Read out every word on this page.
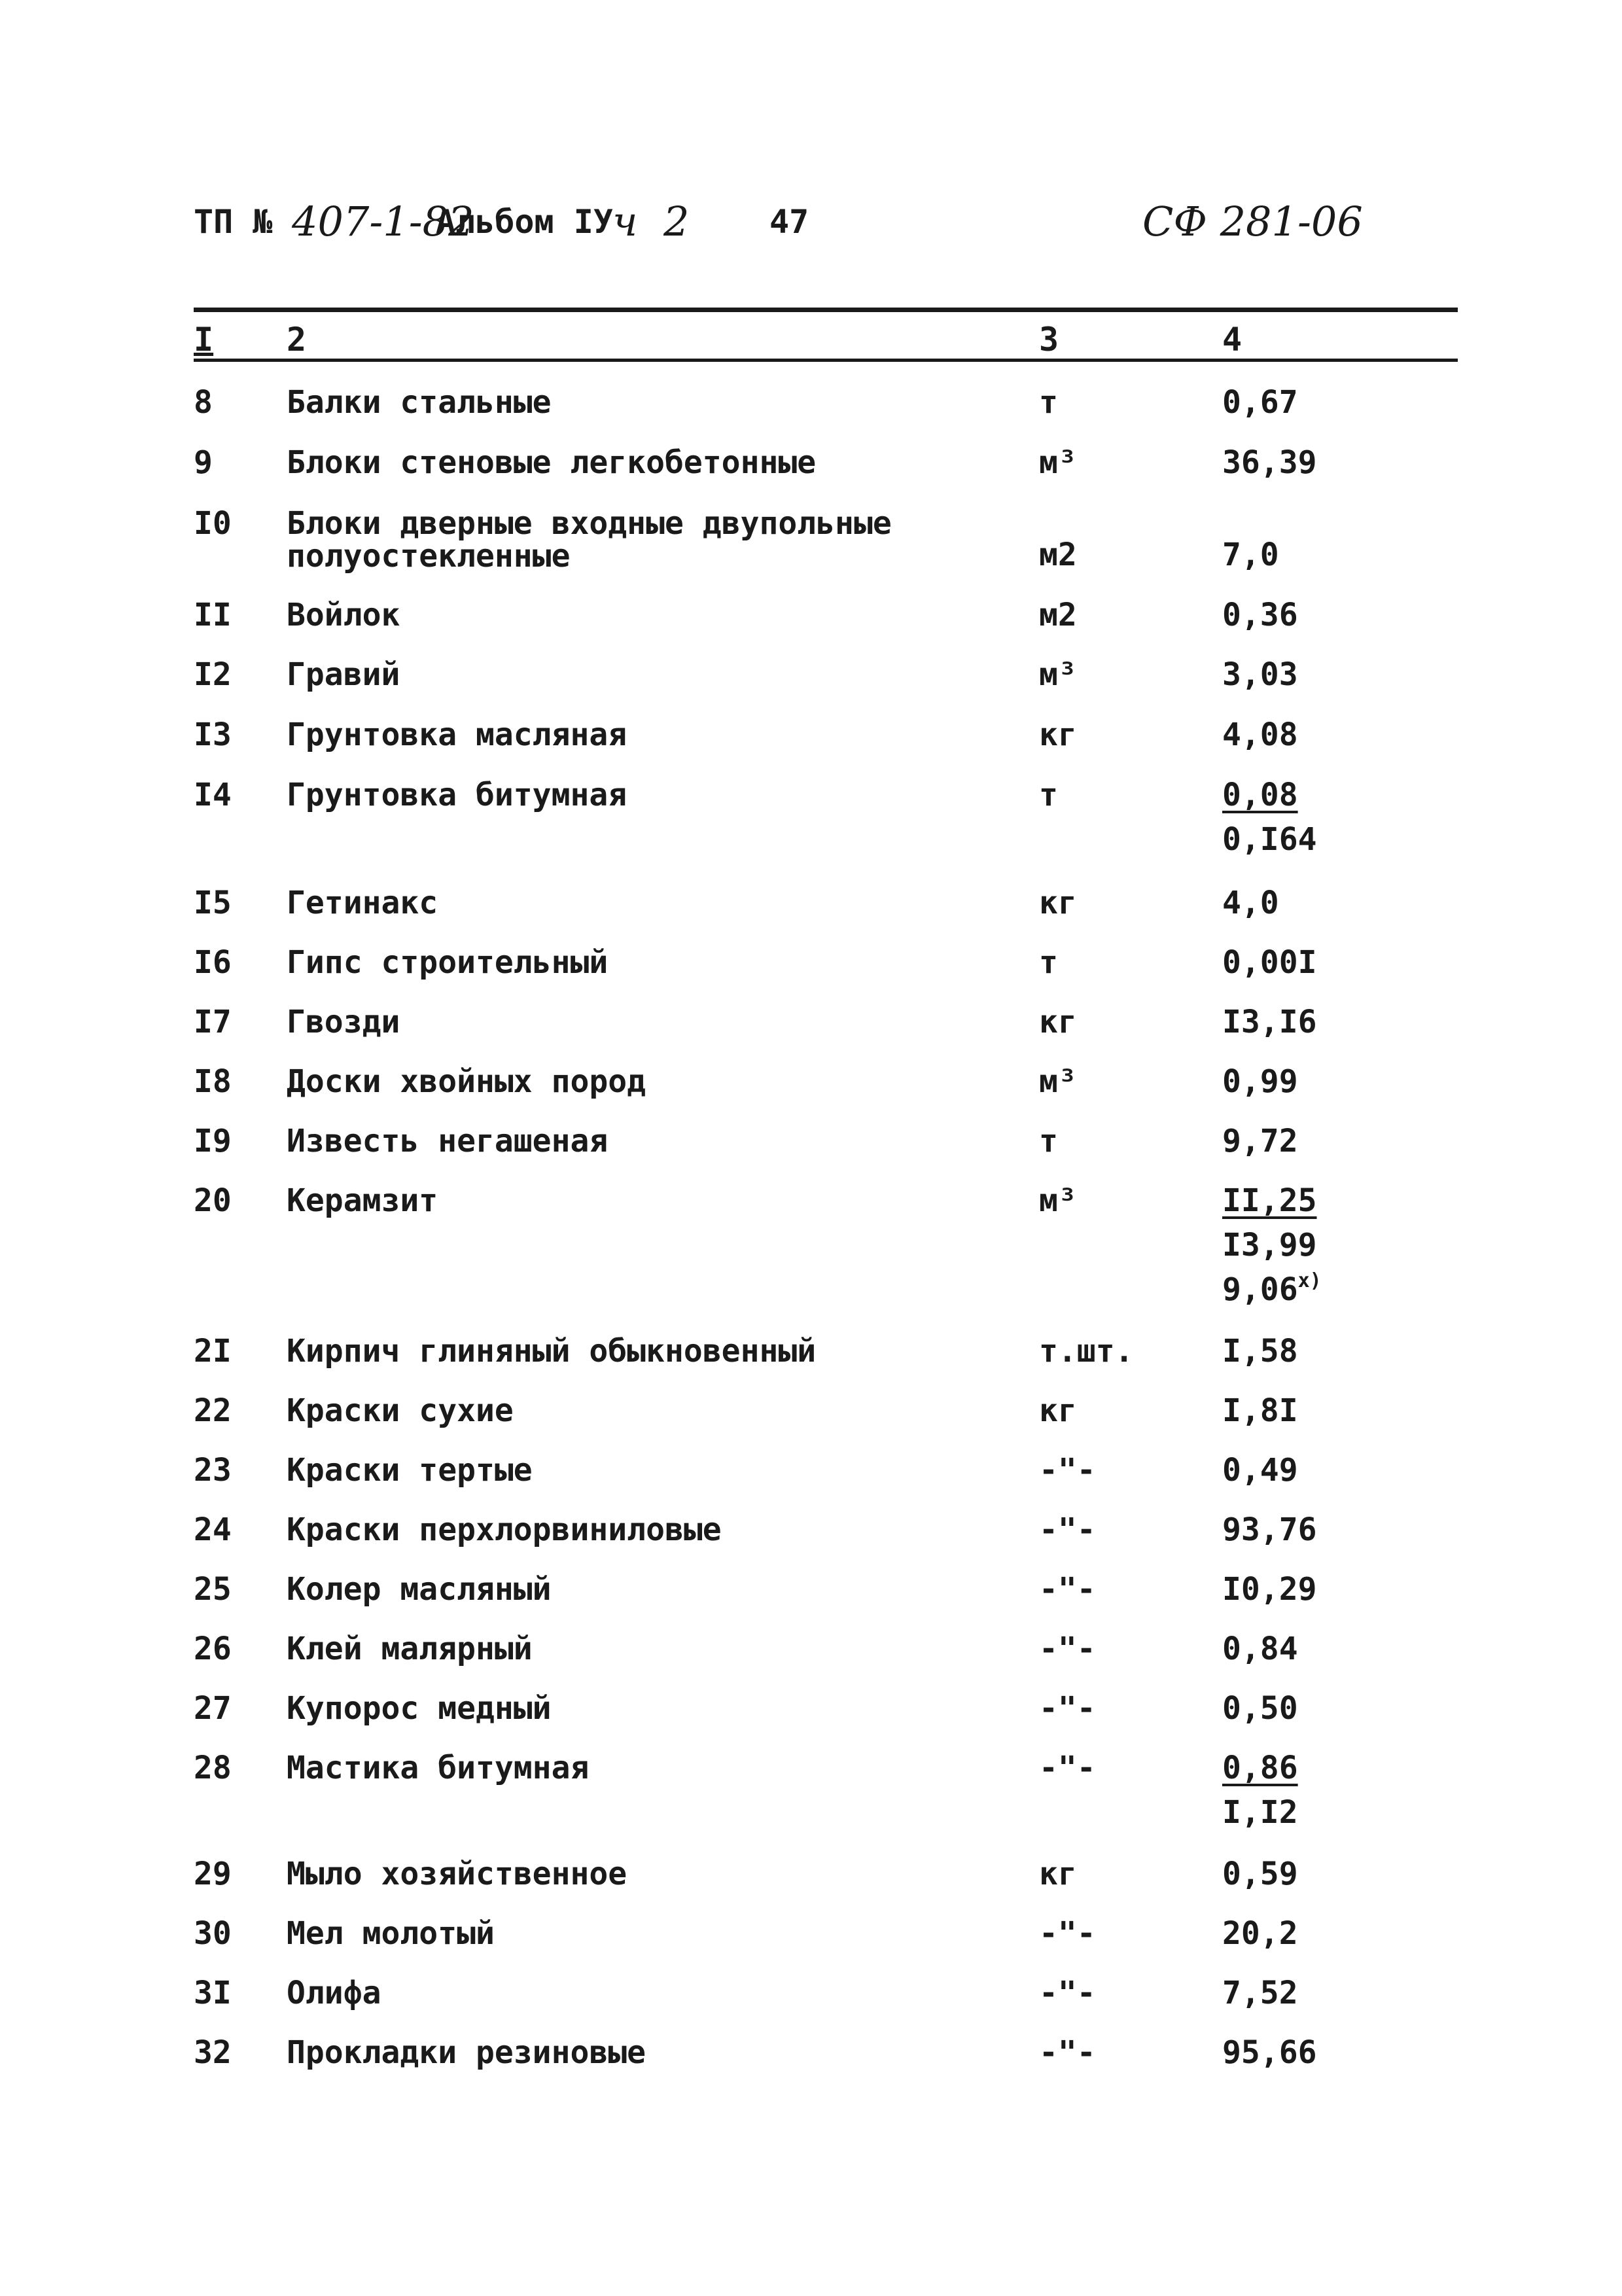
ТП № 407-1-82
Альбом IУ ч 2 47	СФ 281-06
I	2	3	4
8	Балки стальные	т	0,67
9	Блоки стеновые легкобетонные	м³	36,39
I0	Блоки дверные входные двупольные
полуостекленные	м2	7,0
II	Войлок	м2	0,36
I2	Гравий	м³	3,03
I3	Грунтовка масляная	кг	4,08
I4	Грунтовка битумная	т	0,08
0,I64
I5	Гетинакс	кг	4,0
I6	Гипс строительный	т	0,00I
I7	Гвозди	кг	I3,I6
I8	Доски хвойных пород	м³	0,99
I9	Известь негашеная	т	9,72
20	Керамзит	м³	II,25
I3,99
$9,06^{х)}$
2I	Кирпич глиняный обыкновенный	т.шт.	I,58
22	Краски сухие	кг	I,8I
23	Краски тертые	-"-	0,49
24	Краски перхлорвиниловые	-"-	93,76
25	Колер масляный	-"-	I0,29
26	Клей малярный	-"-	0,84
27	Купорос медный	-"-	0,50
28	Мастика битумная	-"-	0,86
I,I2
29	Мыло хозяйственное	кг	0,59
30	Мел молотый	-"-	20,2
3I	Олифа	-"-	7,52
32	Прокладки резиновые	-"-	95,66
